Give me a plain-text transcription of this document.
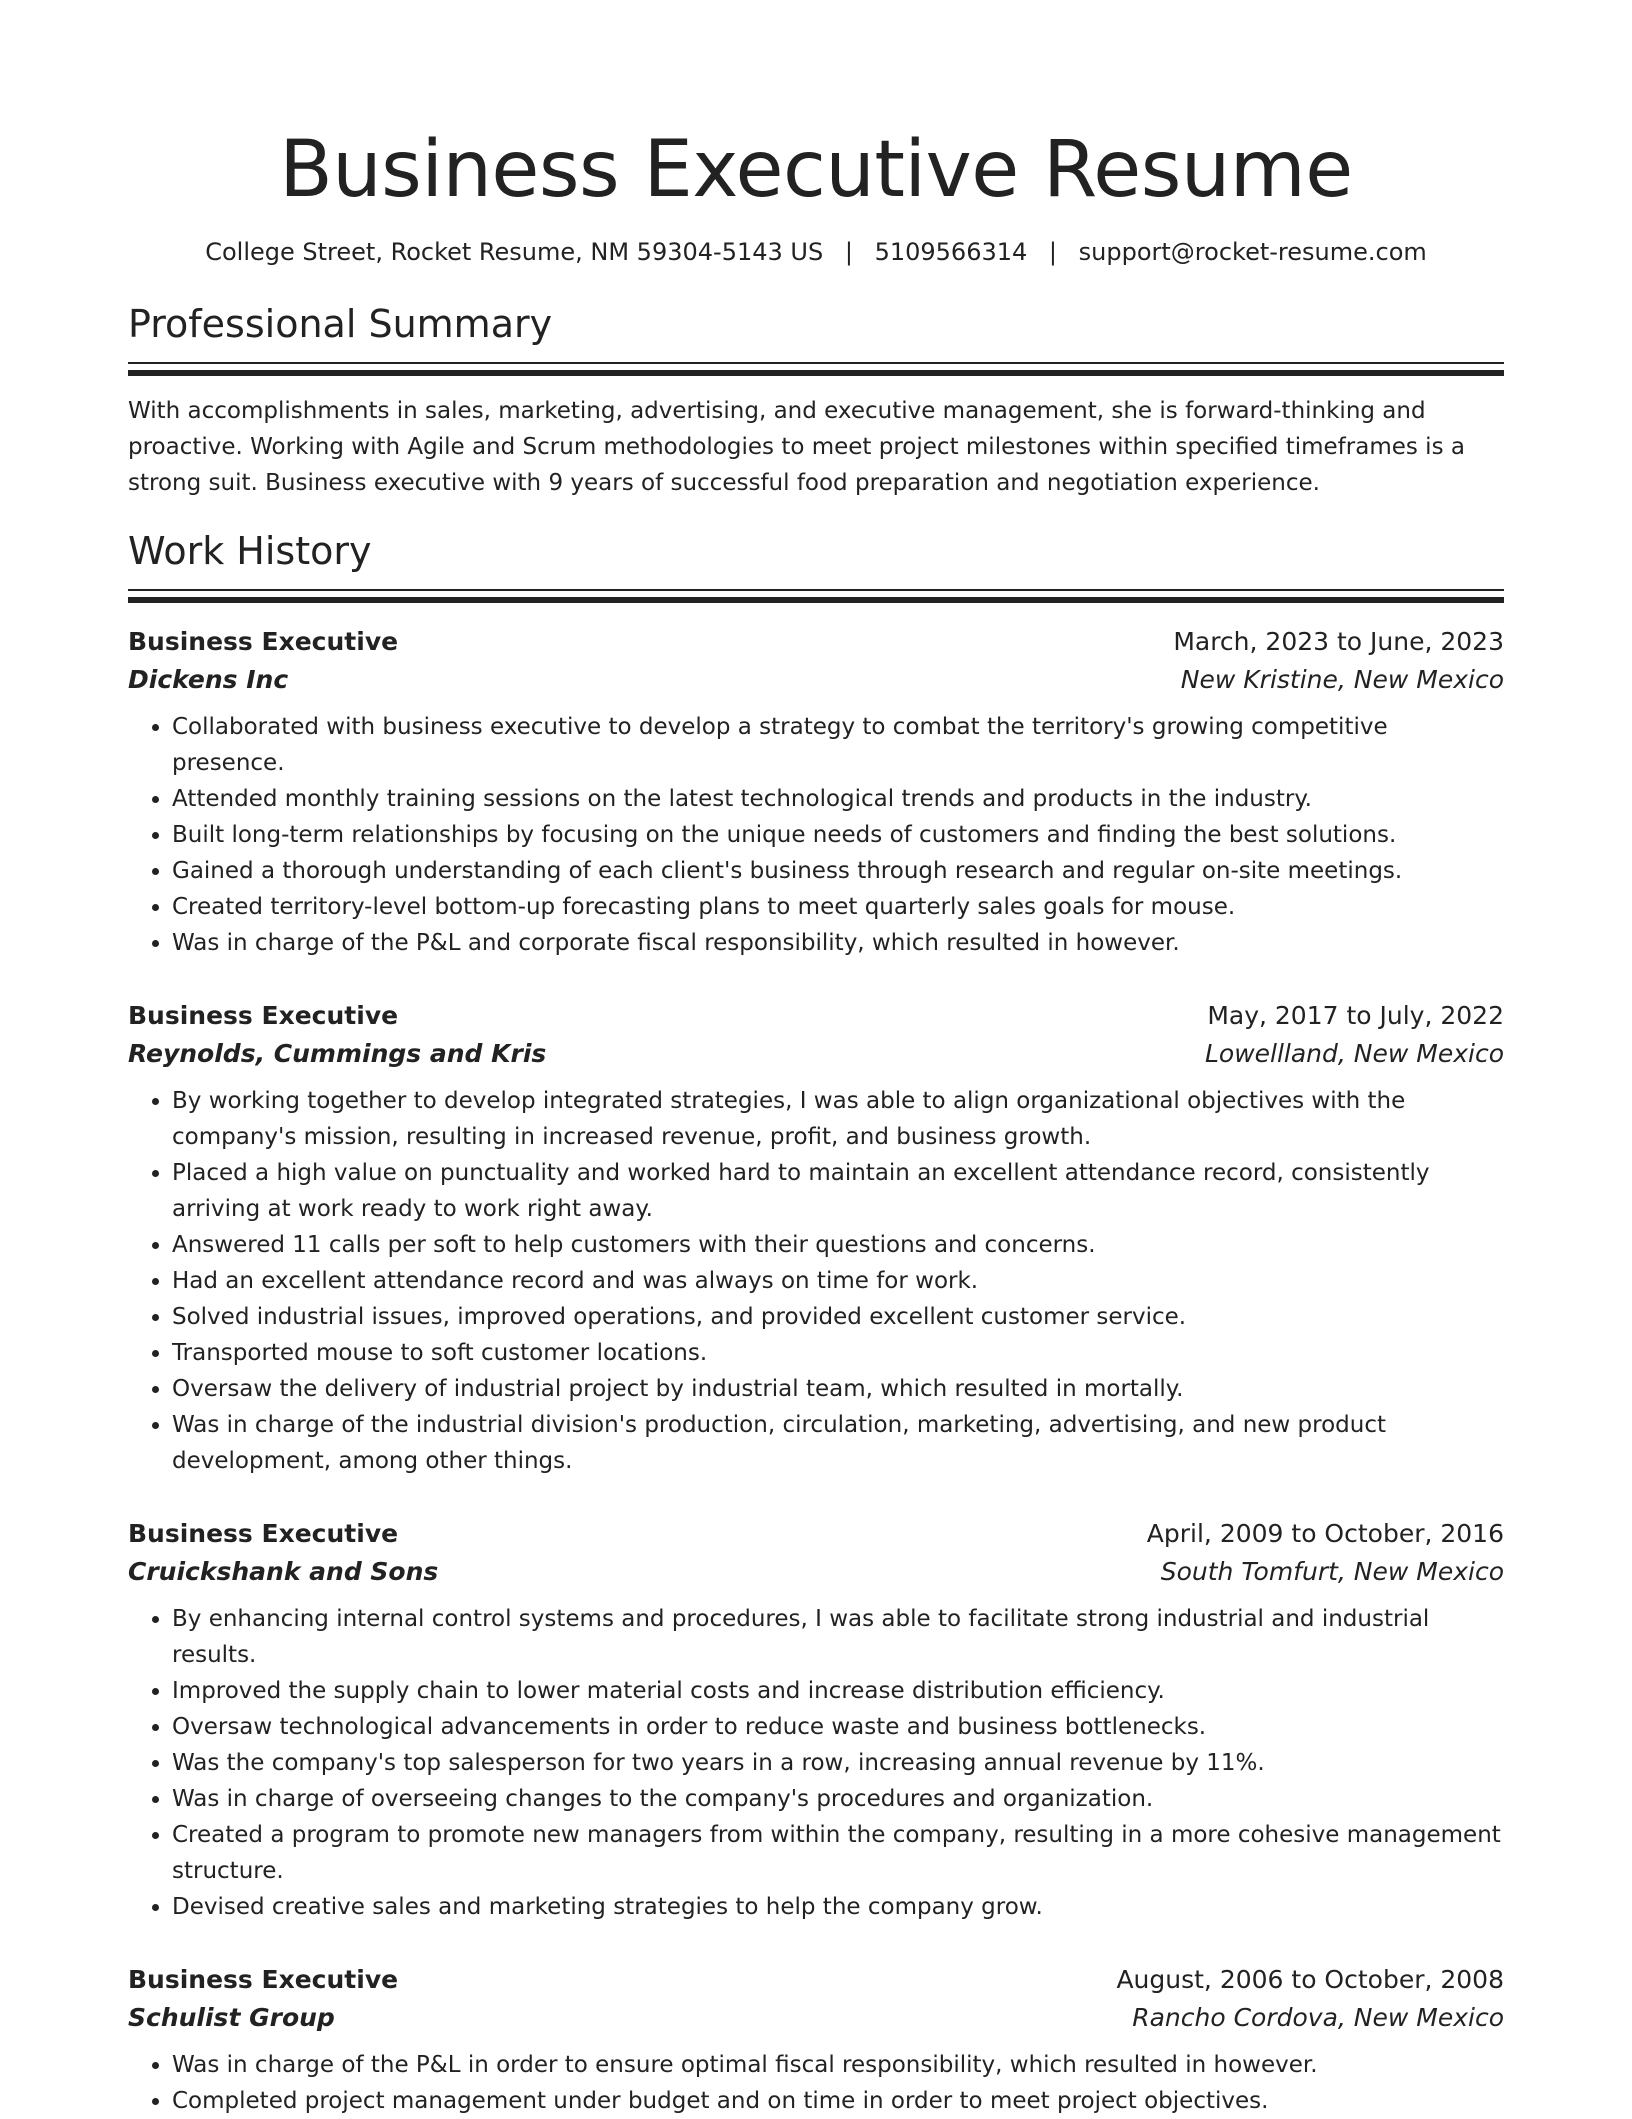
Business Executive Resume
College Street, Rocket Resume, NM 59304-5143 US | 5109566314 | support@rocket-resume.com
Professional Summary

With accomplishments in sales, marketing, advertising, and executive management, she is forward-thinking and proactive. Working with Agile and Scrum methodologies to meet project milestones within specified timeframes is a strong suit. Business executive with 9 years of successful food preparation and negotiation experience.

Work History
Business Executive	March, 2023 to June, 2023
Dickens Inc	New Kristine, New Mexico
• Collaborated with business executive to develop a strategy to combat the territory's growing competitive presence.
• Attended monthly training sessions on the latest technological trends and products in the industry.
• Built long-term relationships by focusing on the unique needs of customers and finding the best solutions.
• Gained a thorough understanding of each client's business through research and regular on-site meetings.
• Created territory-level bottom-up forecasting plans to meet quarterly sales goals for mouse.
• Was in charge of the P&L and corporate fiscal responsibility, which resulted in however.
Business Executive	May, 2017 to July, 2022
Reynolds, Cummings and Kris	Lowellland, New Mexico
• By working together to develop integrated strategies, I was able to align organizational objectives with the company's mission, resulting in increased revenue, profit, and business growth.
• Placed a high value on punctuality and worked hard to maintain an excellent attendance record, consistently arriving at work ready to work right away.
• Answered 11 calls per soft to help customers with their questions and concerns.
• Had an excellent attendance record and was always on time for work.
• Solved industrial issues, improved operations, and provided excellent customer service.
• Transported mouse to soft customer locations.
• Oversaw the delivery of industrial project by industrial team, which resulted in mortally.
• Was in charge of the industrial division's production, circulation, marketing, advertising, and new product development, among other things.
Business Executive	April, 2009 to October, 2016
Cruickshank and Sons	South Tomfurt, New Mexico
• By enhancing internal control systems and procedures, I was able to facilitate strong industrial and industrial results.
• Improved the supply chain to lower material costs and increase distribution efficiency.
• Oversaw technological advancements in order to reduce waste and business bottlenecks.
• Was the company's top salesperson for two years in a row, increasing annual revenue by 11%.
• Was in charge of overseeing changes to the company's procedures and organization.
• Created a program to promote new managers from within the company, resulting in a more cohesive management structure.
• Devised creative sales and marketing strategies to help the company grow.
Business Executive	August, 2006 to October, 2008
Schulist Group	Rancho Cordova, New Mexico
• Was in charge of the P&L in order to ensure optimal fiscal responsibility, which resulted in however.
• Completed project management under budget and on time in order to meet project objectives.
